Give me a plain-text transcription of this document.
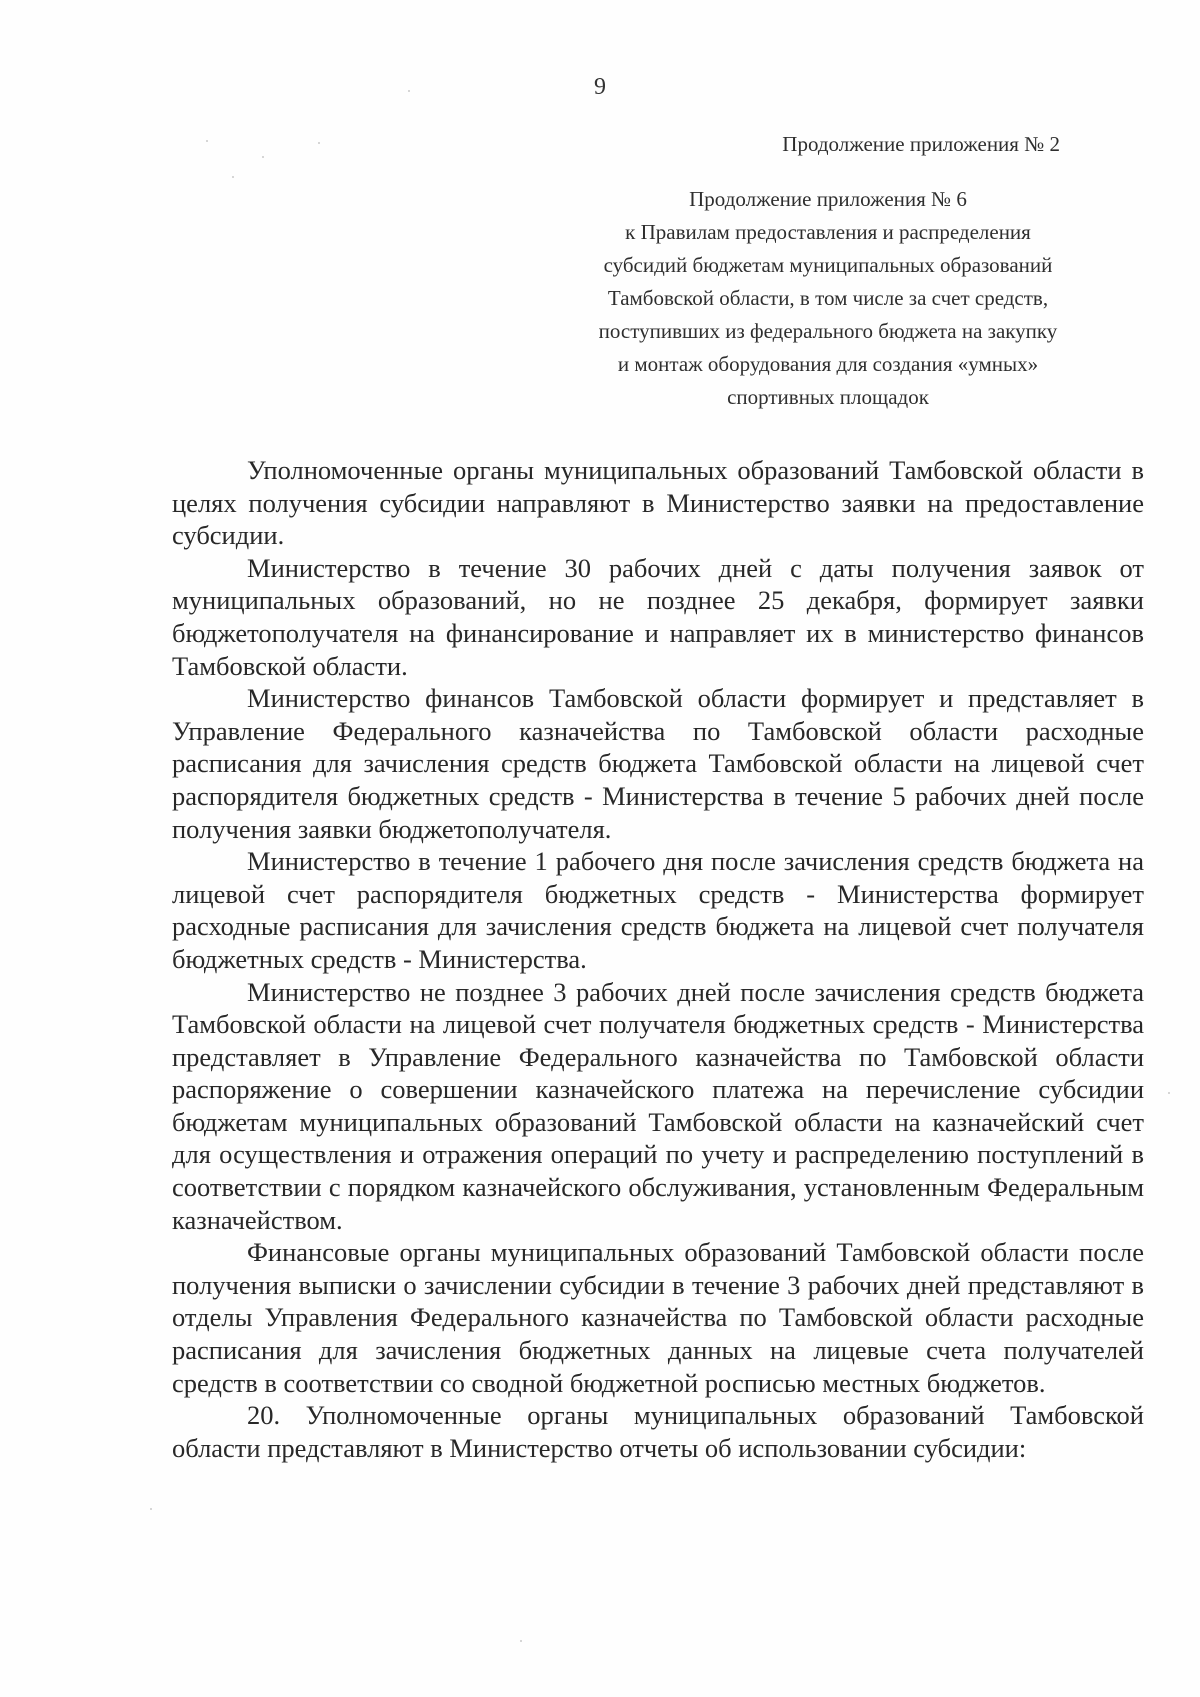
9
Продолжение приложения № 2
Продолжение приложения № 6
к Правилам предоставления и распределения
субсидий бюджетам муниципальных образований
Тамбовской области, в том числе за счет средств,
поступивших из федерального бюджета на закупку
и монтаж оборудования для создания «умных»
спортивных площадок

Уполномоченные органы муниципальных образований Тамбовской области в целях получения субсидии направляют в Министерство заявки на предоставление субсидии.

Министерство в течение 30 рабочих дней с даты получения заявок от муниципальных образований, но не позднее 25 декабря, формирует заявки бюджетополучателя на финансирование и направляет их в министерство финансов Тамбовской области.

Министерство финансов Тамбовской области формирует и представляет в Управление Федерального казначейства по Тамбовской области расходные расписания для зачисления средств бюджета Тамбовской области на лицевой счет распорядителя бюджетных средств - Министерства в течение 5 рабочих дней после получения заявки бюджетополучателя.

Министерство в течение 1 рабочего дня после зачисления средств бюджета на лицевой счет распорядителя бюджетных средств - Министерства формирует расходные расписания для зачисления средств бюджета на лицевой счет получателя бюджетных средств - Министерства.

Министерство не позднее 3 рабочих дней после зачисления средств бюджета Тамбовской области на лицевой счет получателя бюджетных средств - Министерства представляет в Управление Федерального казначейства по Тамбовской области распоряжение о совершении казначейского платежа на перечисление субсидии бюджетам муниципальных образований Тамбовской области на казначейский счет для осуществления и отражения операций по учету и распределению поступлений в соответствии с порядком казначейского обслуживания, установленным Федеральным казначейством.

Финансовые органы муниципальных образований Тамбовской области после получения выписки о зачислении субсидии в течение 3 рабочих дней представляют в отделы Управления Федерального казначейства по Тамбовской области расходные расписания для зачисления бюджетных данных на лицевые счета получателей средств в соответствии со сводной бюджетной росписью местных бюджетов.

20. Уполномоченные органы муниципальных образований Тамбовской области представляют в Министерство отчеты об использовании субсидии:
